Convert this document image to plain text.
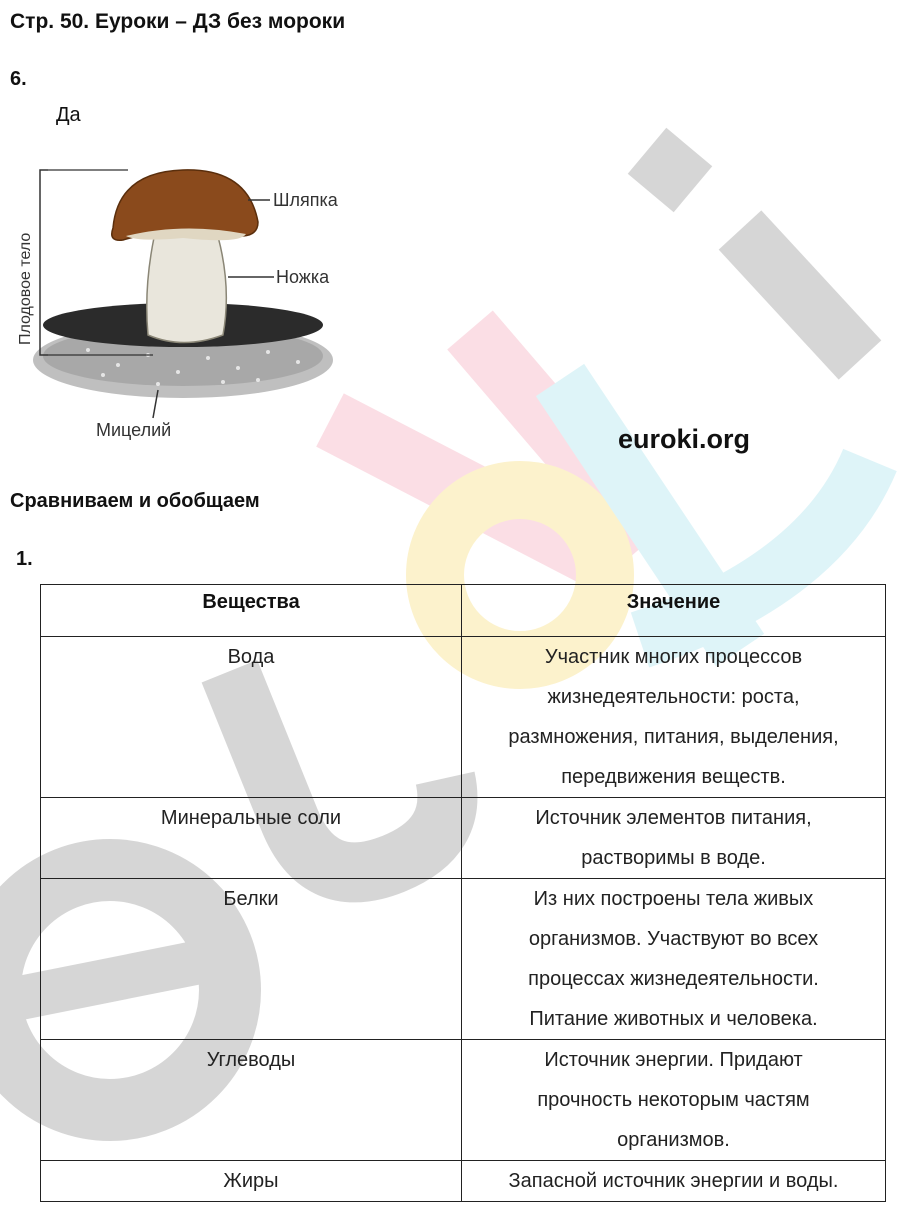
Стр. 50. Еуроки – ДЗ без мороки
6.
Да
Шляпка
Ножка
Мицелий
Плодовое тело
euroki.org
Сравниваем и обобщаем
1.
Вещества	Значение
Вода	Участник многих процессов
жизнедеятельности: роста,
размножения, питания, выделения,
передвижения веществ.

Минеральные соли	Источник элементов питания,
растворимы в воде.

Белки	Из них построены тела живых
организмов. Участвуют во всех
процессах жизнедеятельности.
Питание животных и человека.

Углеводы	Источник энергии. Придают
прочность некоторым частям
организмов.

Жиры	Запасной источник энергии и воды.
